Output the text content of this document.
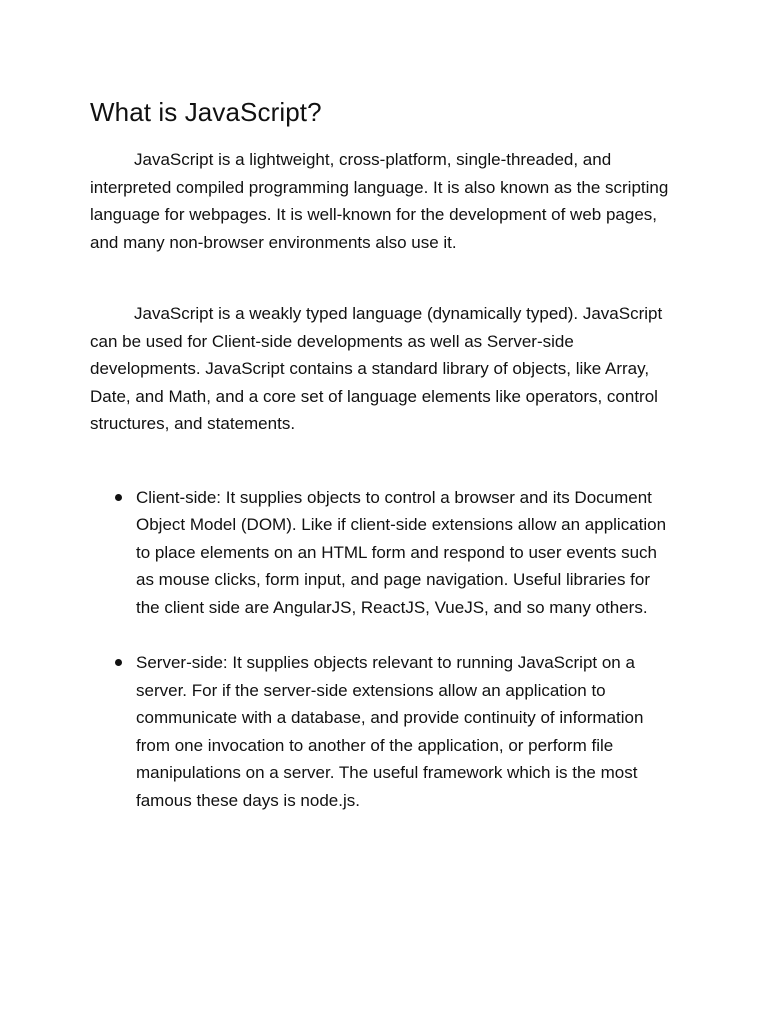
What is JavaScript?

JavaScript is a lightweight, cross-platform, single-threaded, and interpreted compiled programming language. It is also known as the scripting language for webpages. It is well-known for the development of web pages, and many non-browser environments also use it.

JavaScript is a weakly typed language (dynamically typed). JavaScript can be used for Client-side developments as well as Server-side developments. JavaScript contains a standard library of objects, like Array, Date, and Math, and a core set of language elements like operators, control structures, and statements.

Client-side: It supplies objects to control a browser and its Document Object Model (DOM). Like if client-side extensions allow an application to place elements on an HTML form and respond to user events such as mouse clicks, form input, and page navigation. Useful libraries for the client side are AngularJS, ReactJS, VueJS, and so many others.
Server-side: It supplies objects relevant to running JavaScript on a server. For if the server-side extensions allow an application to communicate with a database, and provide continuity of information from one invocation to another of the application, or perform file manipulations on a server. The useful framework which is the most famous these days is node.js.
